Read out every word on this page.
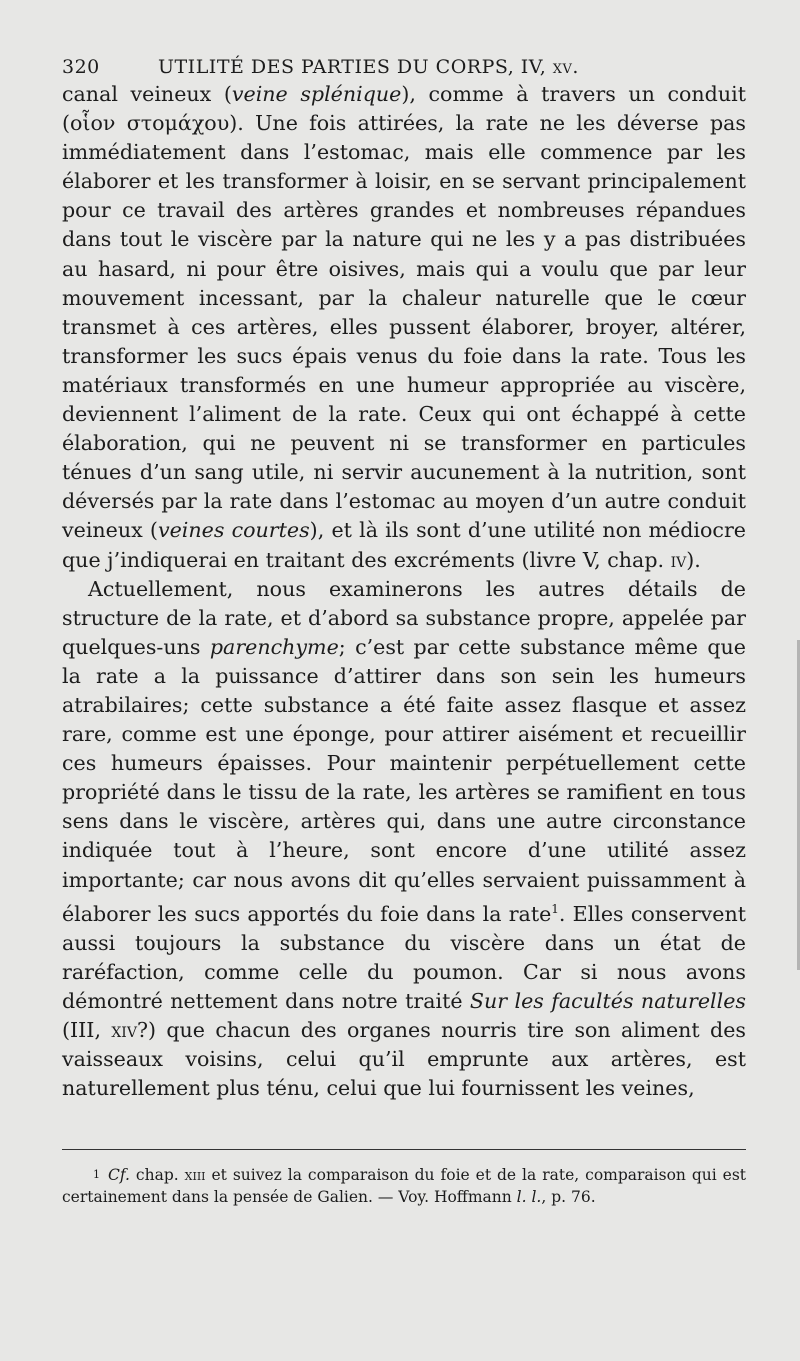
320	UTILITÉ DES PARTIES DU CORPS, IV, xv.

canal veineux (veine splénique), comme à travers un conduit (οἷον στομάχου). Une fois attirées, la rate ne les déverse pas immédiatement dans l’estomac, mais elle commence par les élaborer et les transformer à loisir, en se servant principalement pour ce travail des artères grandes et nombreuses répandues dans tout le viscère par la nature qui ne les y a pas distribuées au hasard, ni pour être oisives, mais qui a voulu que par leur mouvement incessant, par la chaleur naturelle que le cœur transmet à ces artères, elles pussent élaborer, broyer, altérer, transformer les sucs épais venus du foie dans la rate. Tous les matériaux transformés en une humeur appropriée au viscère, deviennent l’aliment de la rate. Ceux qui ont échappé à cette élaboration, qui ne peuvent ni se transformer en particules ténues d’un sang utile, ni servir aucunement à la nutrition, sont déversés par la rate dans l’estomac au moyen d’un autre conduit veineux (veines courtes), et là ils sont d’une utilité non médiocre que j’indiquerai en traitant des excréments (livre V, chap. iv).

Actuellement, nous examinerons les autres détails de structure de la rate, et d’abord sa substance propre, appelée par quelques-uns parenchyme; c’est par cette substance même que la rate a la puissance d’attirer dans son sein les humeurs atrabilaires; cette substance a été faite assez flasque et assez rare, comme est une éponge, pour attirer aisément et recueillir ces humeurs épaisses. Pour maintenir perpétuellement cette propriété dans le tissu de la rate, les artères se ramifient en tous sens dans le viscère, artères qui, dans une autre circonstance indiquée tout à l’heure, sont encore d’une utilité assez importante; car nous avons dit qu’elles servaient puissamment à élaborer les sucs apportés du foie dans la rate$^1$. Elles conservent aussi toujours la substance du viscère dans un état de raréfaction, comme celle du poumon. Car si nous avons démontré nettement dans notre traité Sur les facultés naturelles (III, xiv?) que chacun des organes nourris tire son aliment des vaisseaux voisins, celui qu’il emprunte aux artères, est naturellement plus ténu, celui que lui fournissent les veines,

1 Cf. chap. xiii et suivez la comparaison du foie et de la rate, comparaison qui est certainement dans la pensée de Galien. — Voy. Hoffmann l. l., p. 76.
